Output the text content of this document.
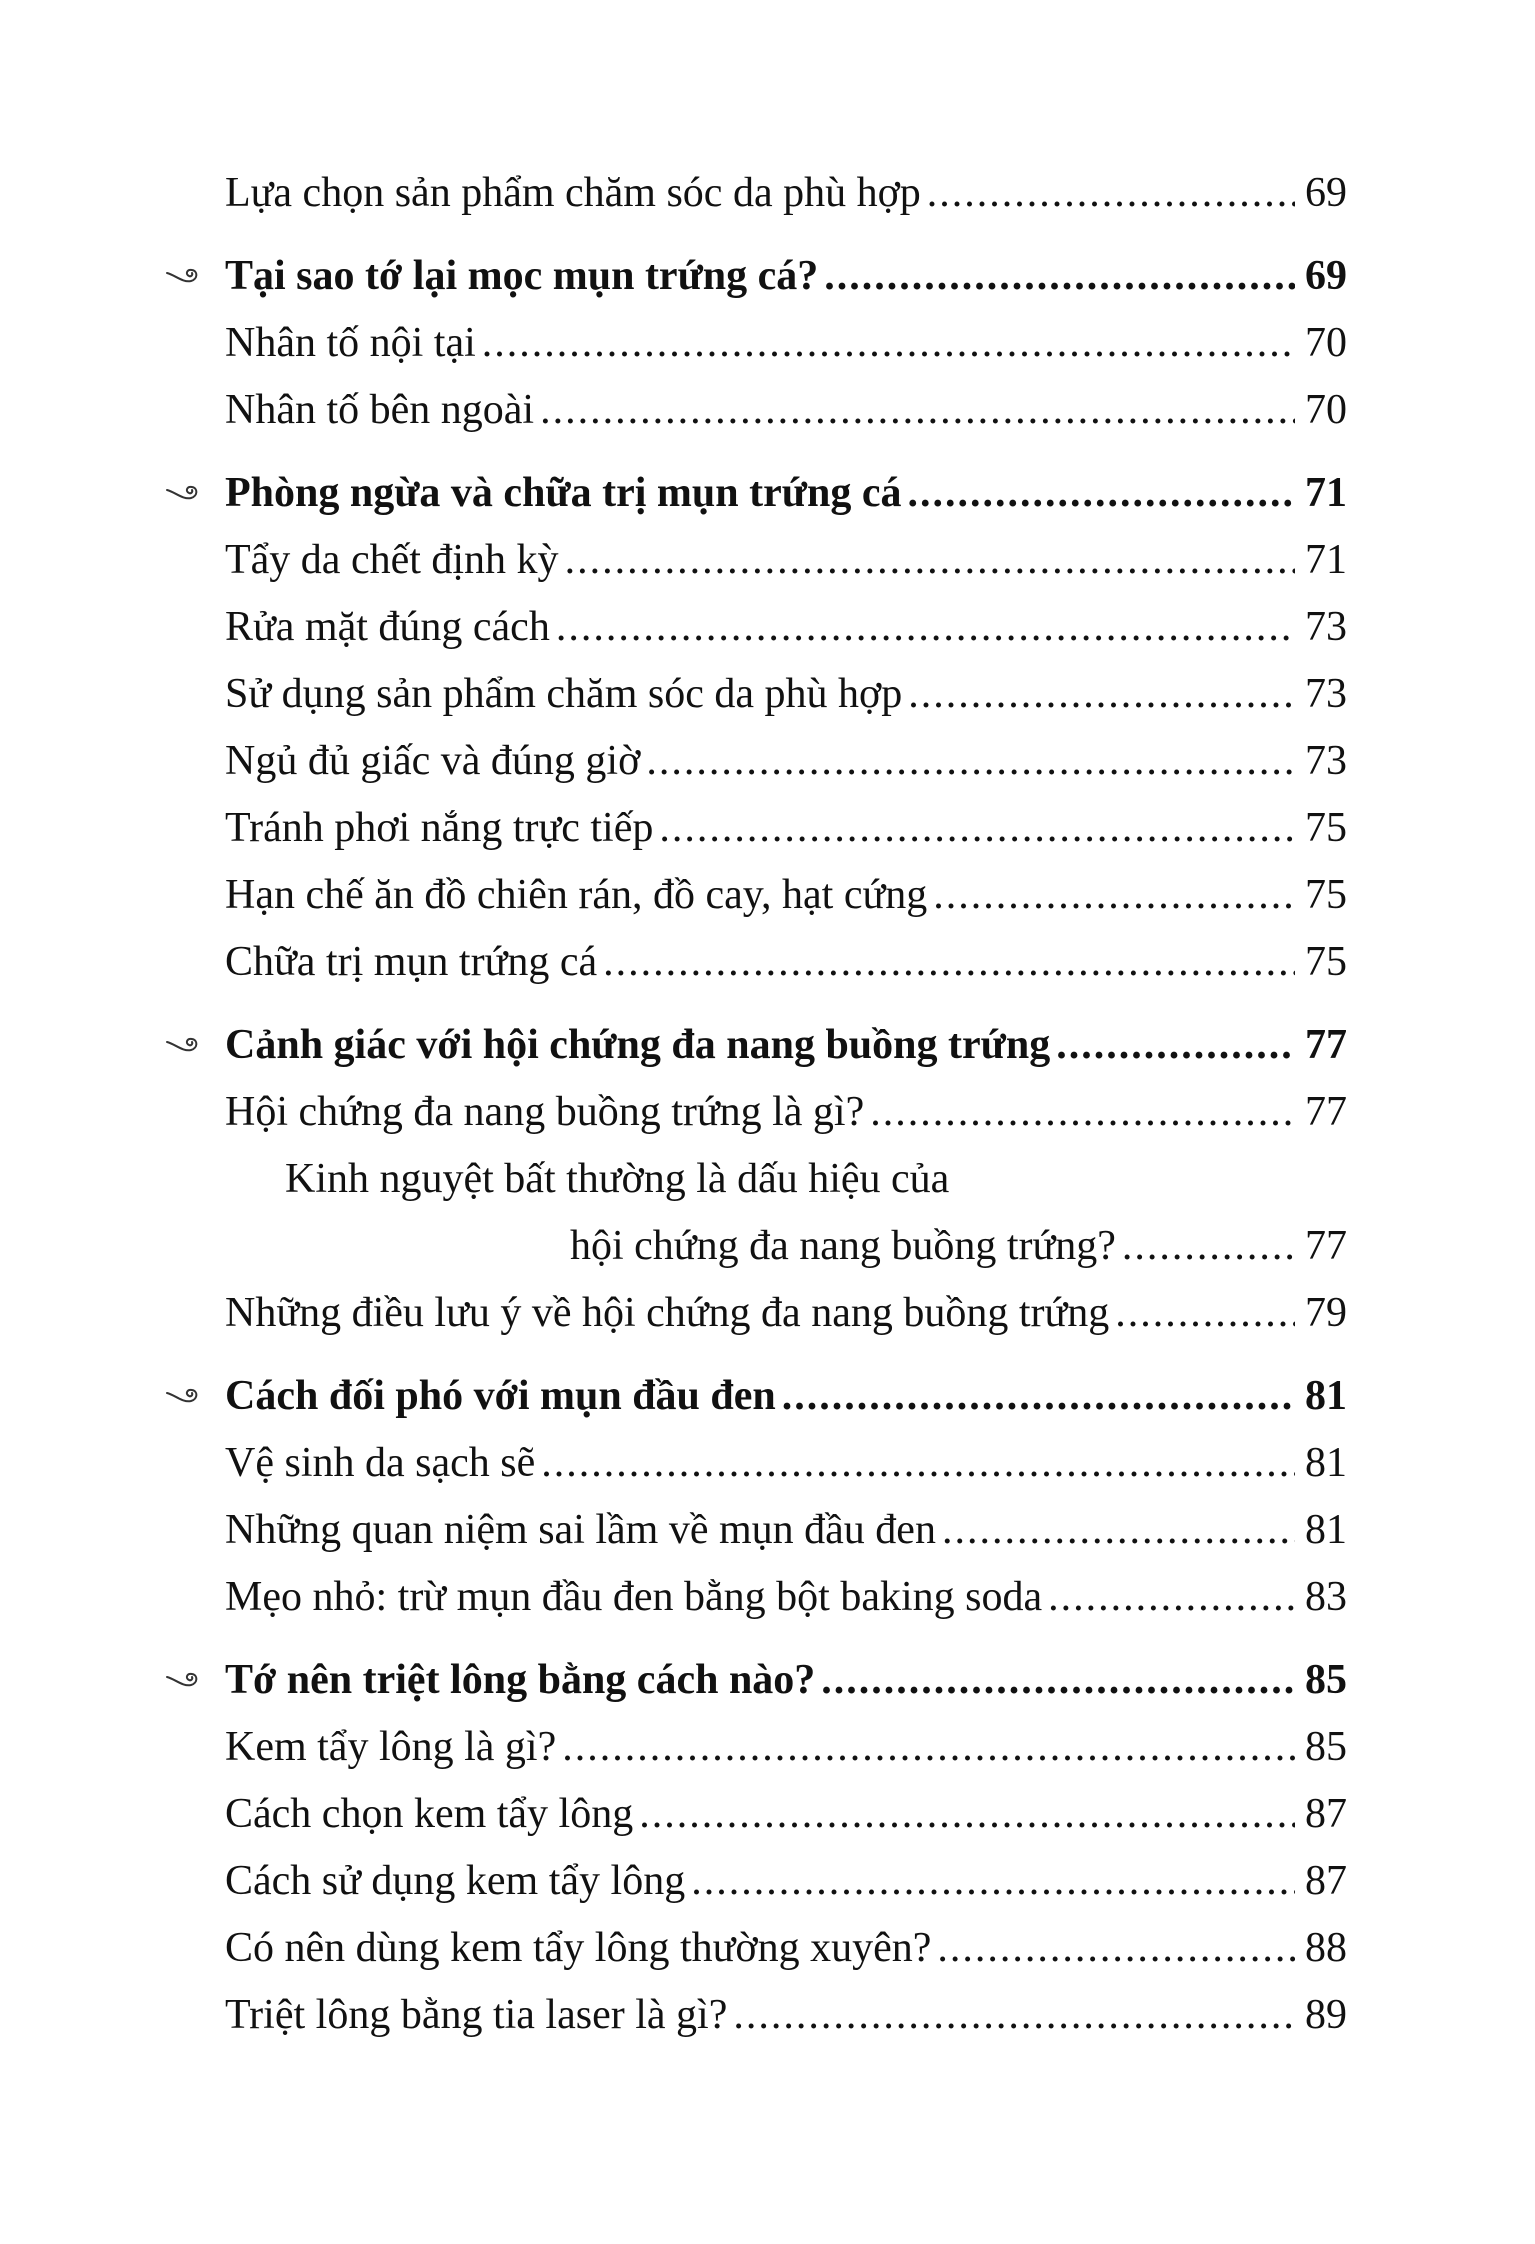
Lựa chọn sản phẩm chăm sóc da phù hợp .....	69
Tại sao tớ lại mọc mụn trứng cá? .....	69
Nhân tố nội tại .....	70
Nhân tố bên ngoài .....	70
Phòng ngừa và chữa trị mụn trứng cá .....	71
Tẩy da chết định kỳ .....	71
Rửa mặt đúng cách .....	73
Sử dụng sản phẩm chăm sóc da phù hợp .....	73
Ngủ đủ giấc và đúng giờ .....	73
Tránh phơi nắng trực tiếp .....	75
Hạn chế ăn đồ chiên rán, đồ cay, hạt cứng .....	75
Chữa trị mụn trứng cá .....	75
Cảnh giác với hội chứng đa nang buồng trứng .....	77
Hội chứng đa nang buồng trứng là gì? .....	77
Kinh nguyệt bất thường là dấu hiệu của
hội chứng đa nang buồng trứng? .....	77
Những điều lưu ý về hội chứng đa nang buồng trứng .....	79
Cách đối phó với mụn đầu đen .....	81
Vệ sinh da sạch sẽ .....	81
Những quan niệm sai lầm về mụn đầu đen .....	81
Mẹo nhỏ: trừ mụn đầu đen bằng bột baking soda .....	83
Tớ nên triệt lông bằng cách nào? .....	85
Kem tẩy lông là gì? .....	85
Cách chọn kem tẩy lông .....	87
Cách sử dụng kem tẩy lông .....	87
Có nên dùng kem tẩy lông thường xuyên? .....	88
Triệt lông bằng tia laser là gì? .....	89
